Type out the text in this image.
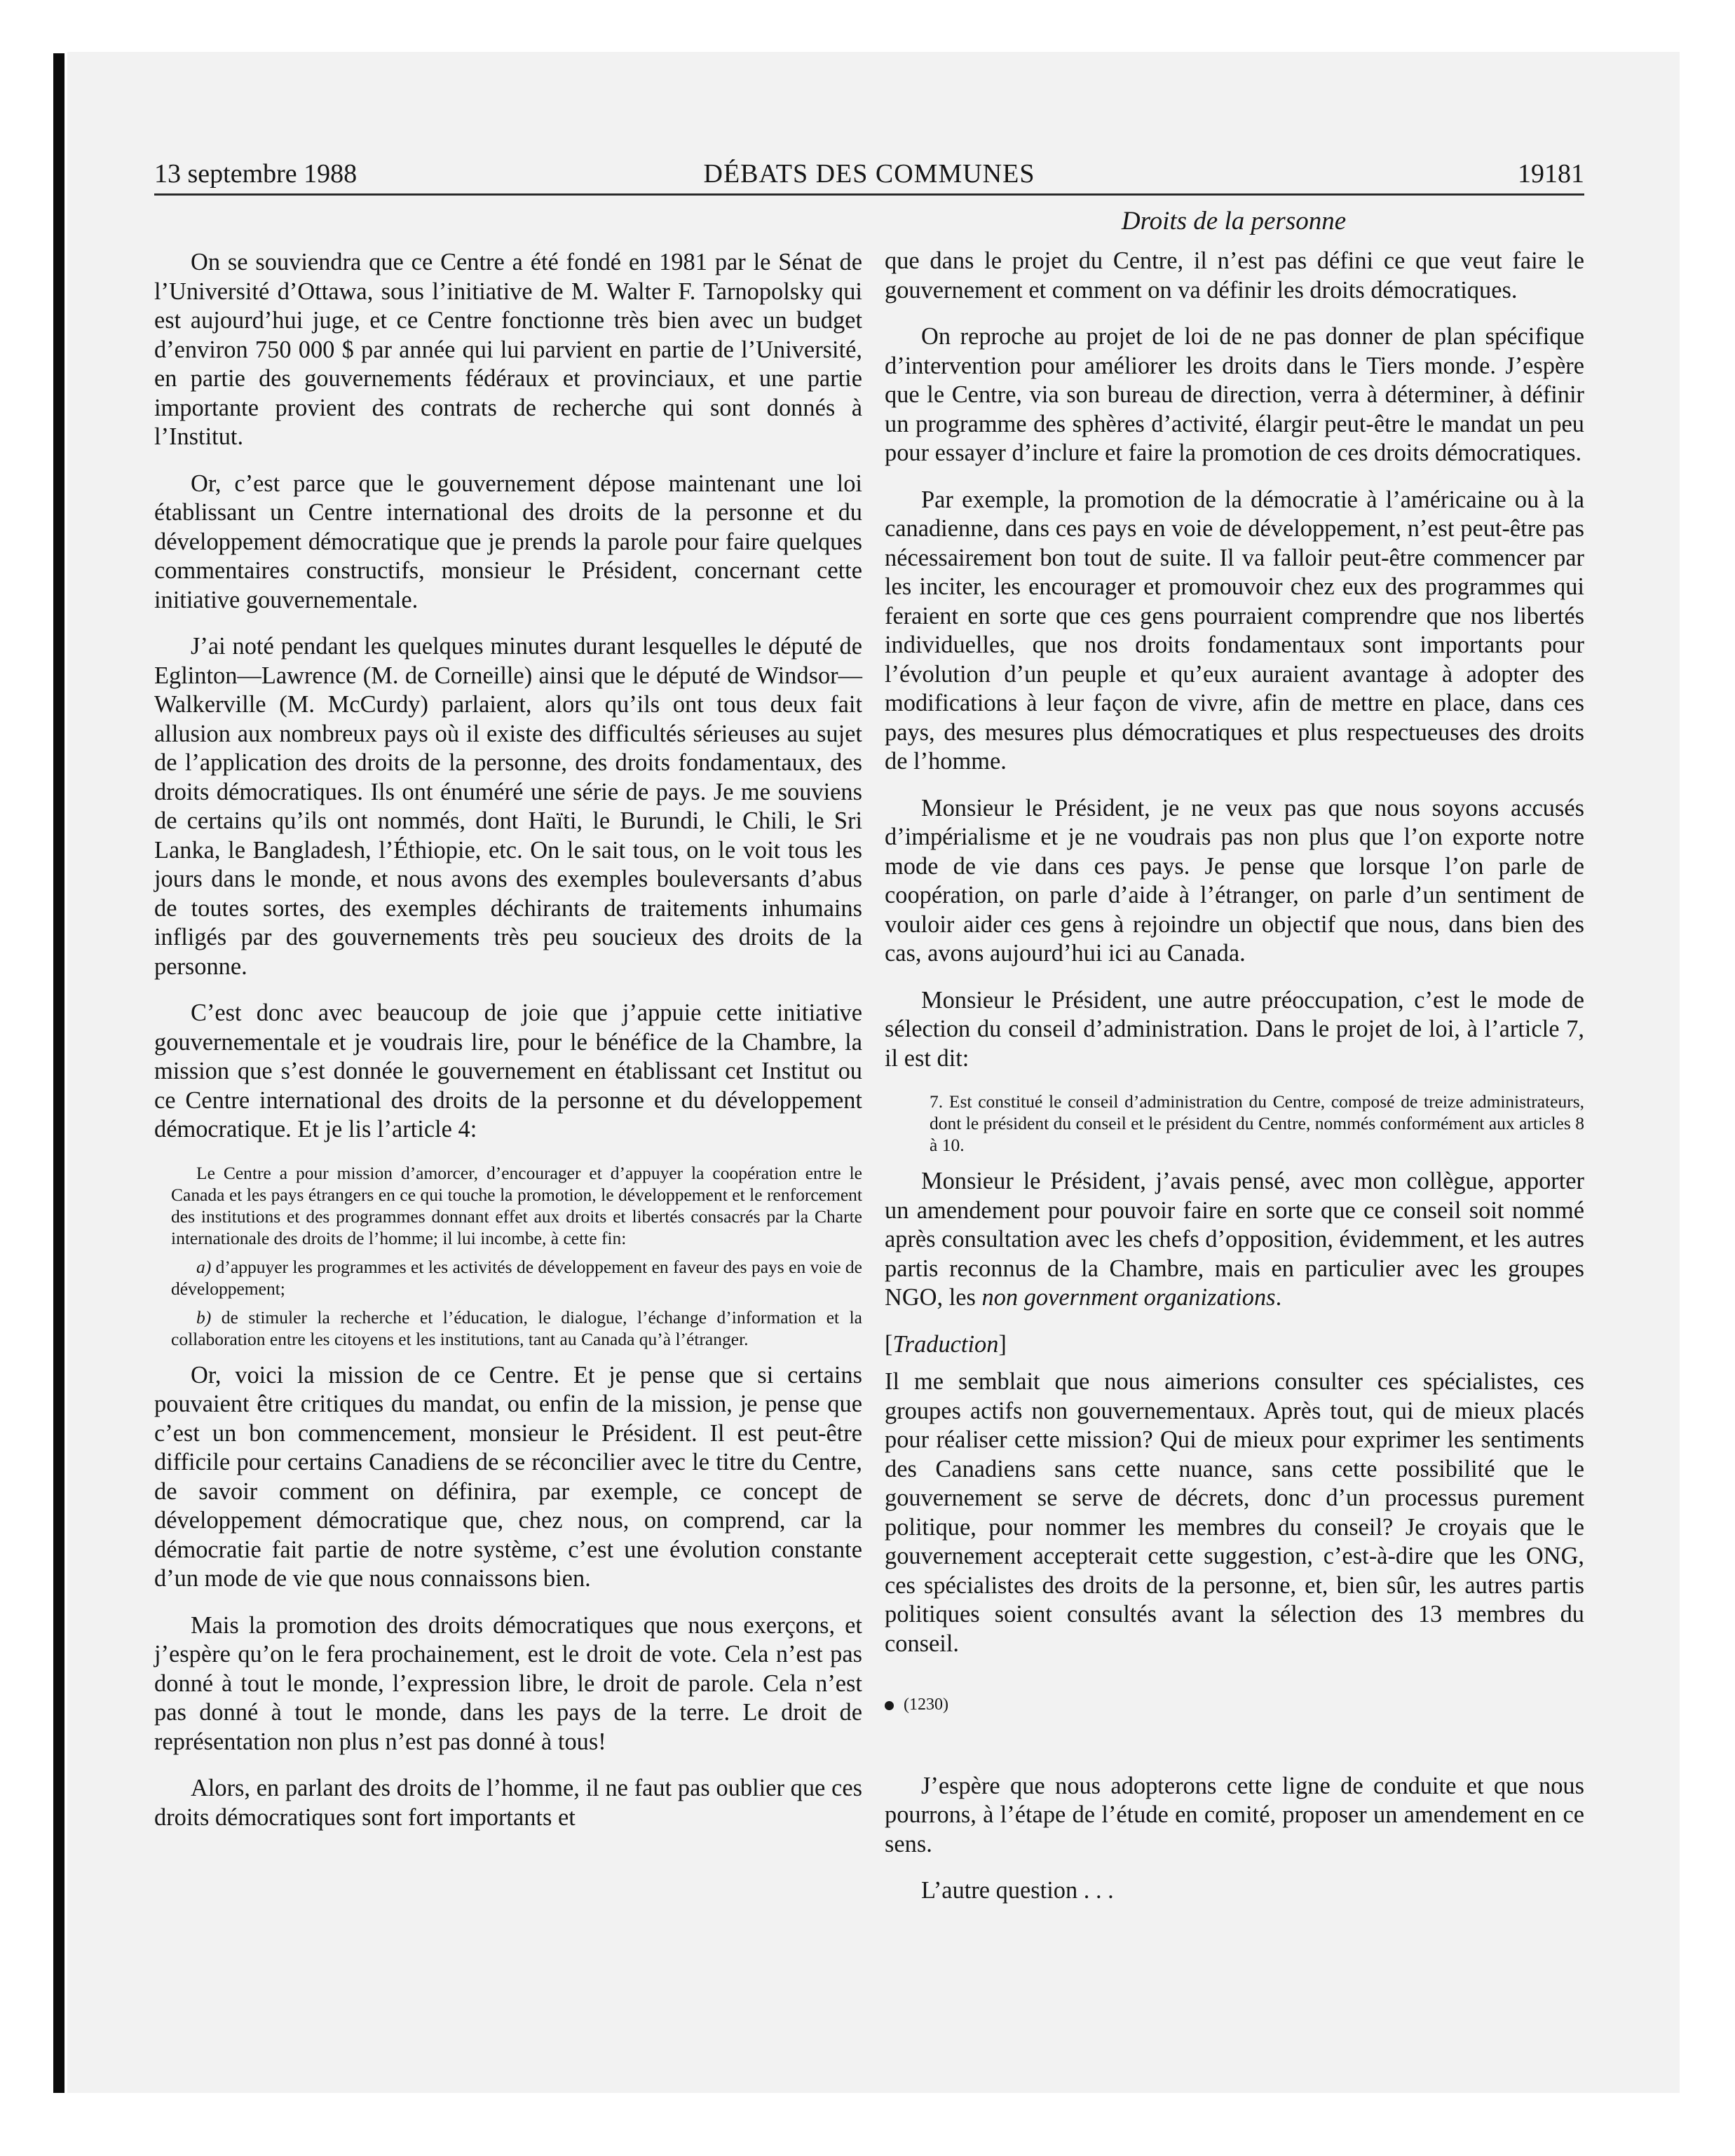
13 septembre 1988	DÉBATS DES COMMUNES	19181
Droits de la personne

On se souviendra que ce Centre a été fondé en 1981 par le Sénat de l’Université d’Ottawa, sous l’initiative de M. Walter F. Tarnopolsky qui est aujourd’hui juge, et ce Centre fonctionne très bien avec un budget d’environ 750 000 $ par année qui lui parvient en partie de l’Université, en partie des gouvernements fédéraux et provinciaux, et une partie importante provient des contrats de recherche qui sont donnés à l’Institut.

Or, c’est parce que le gouvernement dépose maintenant une loi établissant un Centre international des droits de la personne et du développement démocratique que je prends la parole pour faire quelques commentaires constructifs, monsieur le Président, concernant cette initiative gouvernementale.

J’ai noté pendant les quelques minutes durant lesquelles le député de Eglinton—Lawrence (M. de Corneille) ainsi que le député de Windsor—Walkerville (M. McCurdy) parlaient, alors qu’ils ont tous deux fait allusion aux nombreux pays où il existe des difficultés sérieuses au sujet de l’application des droits de la personne, des droits fondamentaux, des droits démocratiques. Ils ont énuméré une série de pays. Je me souviens de certains qu’ils ont nommés, dont Haïti, le Burundi, le Chili, le Sri Lanka, le Bangladesh, l’Éthiopie, etc. On le sait tous, on le voit tous les jours dans le monde, et nous avons des exemples bouleversants d’abus de toutes sortes, des exemples déchirants de traitements inhumains infligés par des gouvernements très peu soucieux des droits de la personne.

C’est donc avec beaucoup de joie que j’appuie cette initiative gouvernementale et je voudrais lire, pour le bénéfice de la Chambre, la mission que s’est donnée le gouvernement en établissant cet Institut ou ce Centre international des droits de la personne et du développement démocratique. Et je lis l’article 4:

Le Centre a pour mission d’amorcer, d’encourager et d’appuyer la coopération entre le Canada et les pays étrangers en ce qui touche la promotion, le développement et le renforcement des institutions et des programmes donnant effet aux droits et libertés consacrés par la Charte internationale des droits de l’homme; il lui incombe, à cette fin:

a) d’appuyer les programmes et les activités de développement en faveur des pays en voie de développement;

b) de stimuler la recherche et l’éducation, le dialogue, l’échange d’information et la collaboration entre les citoyens et les institutions, tant au Canada qu’à l’étranger.

Or, voici la mission de ce Centre. Et je pense que si certains pouvaient être critiques du mandat, ou enfin de la mission, je pense que c’est un bon commencement, monsieur le Président. Il est peut-être difficile pour certains Canadiens de se réconcilier avec le titre du Centre, de savoir comment on définira, par exemple, ce concept de développement démocratique que, chez nous, on comprend, car la démocratie fait partie de notre système, c’est une évolution constante d’un mode de vie que nous connaissons bien.

Mais la promotion des droits démocratiques que nous exerçons, et j’espère qu’on le fera prochainement, est le droit de vote. Cela n’est pas donné à tout le monde, l’expression libre, le droit de parole. Cela n’est pas donné à tout le monde, dans les pays de la terre. Le droit de représentation non plus n’est pas donné à tous!

Alors, en parlant des droits de l’homme, il ne faut pas oublier que ces droits démocratiques sont fort importants et

que dans le projet du Centre, il n’est pas défini ce que veut faire le gouvernement et comment on va définir les droits démocratiques.

On reproche au projet de loi de ne pas donner de plan spécifique d’intervention pour améliorer les droits dans le Tiers monde. J’espère que le Centre, via son bureau de direction, verra à déterminer, à définir un programme des sphères d’activité, élargir peut-être le mandat un peu pour essayer d’inclure et faire la promotion de ces droits démocratiques.

Par exemple, la promotion de la démocratie à l’américaine ou à la canadienne, dans ces pays en voie de développement, n’est peut-être pas nécessairement bon tout de suite. Il va falloir peut-être commencer par les inciter, les encourager et promouvoir chez eux des programmes qui feraient en sorte que ces gens pourraient comprendre que nos libertés individuelles, que nos droits fondamentaux sont importants pour l’évolution d’un peuple et qu’eux auraient avantage à adopter des modifications à leur façon de vivre, afin de mettre en place, dans ces pays, des mesures plus démocratiques et plus respectueuses des droits de l’homme.

Monsieur le Président, je ne veux pas que nous soyons accusés d’impérialisme et je ne voudrais pas non plus que l’on exporte notre mode de vie dans ces pays. Je pense que lorsque l’on parle de coopération, on parle d’aide à l’étranger, on parle d’un sentiment de vouloir aider ces gens à rejoindre un objectif que nous, dans bien des cas, avons aujourd’hui ici au Canada.

Monsieur le Président, une autre préoccupation, c’est le mode de sélection du conseil d’administration. Dans le projet de loi, à l’article 7, il est dit:

7. Est constitué le conseil d’administration du Centre, composé de treize administrateurs, dont le président du conseil et le président du Centre, nommés conformément aux articles 8 à 10.

Monsieur le Président, j’avais pensé, avec mon collègue, apporter un amendement pour pouvoir faire en sorte que ce conseil soit nommé après consultation avec les chefs d’opposition, évidemment, et les autres partis reconnus de la Chambre, mais en particulier avec les groupes NGO, les non government organizations.

[Traduction]

Il me semblait que nous aimerions consulter ces spécialistes, ces groupes actifs non gouvernementaux. Après tout, qui de mieux placés pour réaliser cette mission? Qui de mieux pour exprimer les sentiments des Canadiens sans cette nuance, sans cette possibilité que le gouvernement se serve de décrets, donc d’un processus purement politique, pour nommer les membres du conseil? Je croyais que le gouvernement accepterait cette suggestion, c’est-à-dire que les ONG, ces spécialistes des droits de la personne, et, bien sûr, les autres partis politiques soient consultés avant la sélection des 13 membres du conseil.

(1230)

J’espère que nous adopterons cette ligne de conduite et que nous pourrons, à l’étape de l’étude en comité, proposer un amendement en ce sens.

L’autre question . . .
